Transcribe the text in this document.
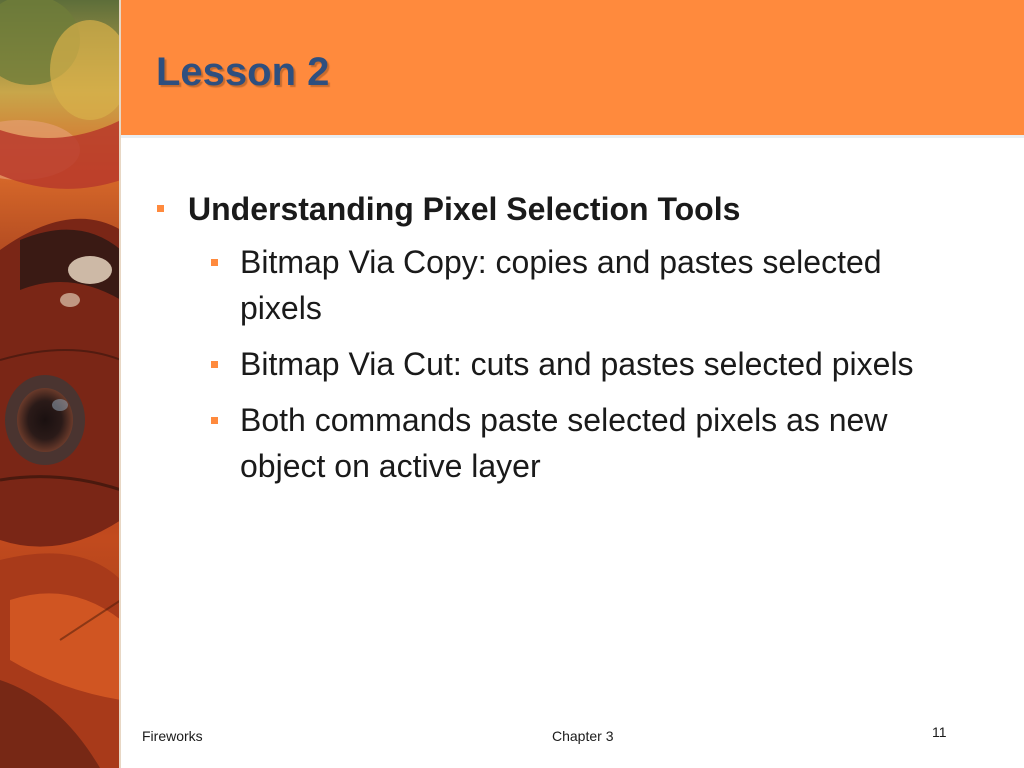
Lesson 2
Understanding Pixel Selection Tools
Bitmap Via Copy: copies and pastes selected pixels
Bitmap Via Cut: cuts and pastes selected pixels
Both commands paste selected pixels as new object on active layer
Fireworks	Chapter 3	11
